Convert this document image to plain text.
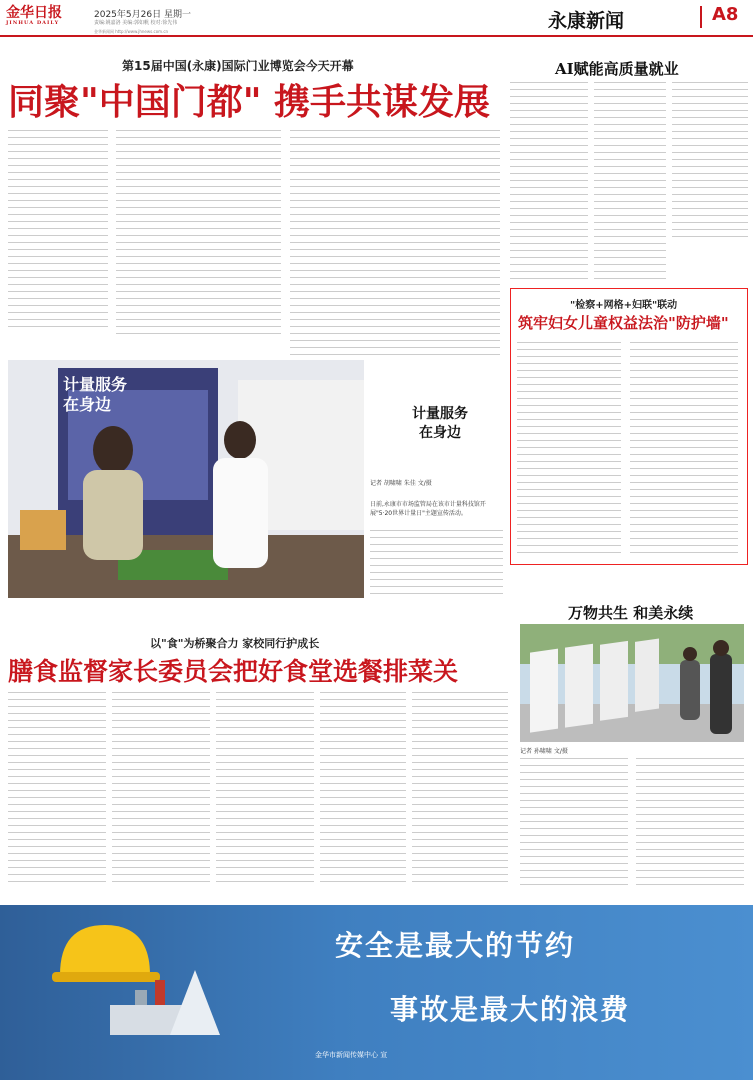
金华日报
JINHUA DAILY
2025年5月26日 星期一
责编:姚嘉洛 美编:郭如帆 校对:徐先伟
金华新闻网 http://www.jhnews.com.cn	永康新闻	A8
第15届中国(永康)国际门业博览会今天开幕
同聚"中国门都" 携手共谋发展
计量服务
在身边	计量服务
在身边
记者 胡啸啸 朱佳 文/摄
日前,永康市市场监管局在该市计量科技馆开展"5·20世界计量日"主题宣传活动。
AI赋能高质量就业
"检察+网格+妇联"联动
筑牢妇女儿童权益法治"防护墙"
万物共生 和美永续
记者 孙啸啸 文/摄
以"食"为桥聚合力 家校同行护成长
膳食监督家长委员会把好食堂选餐排菜关
安全是最大的节约
事故是最大的浪费
金华市新闻传媒中心 宣
